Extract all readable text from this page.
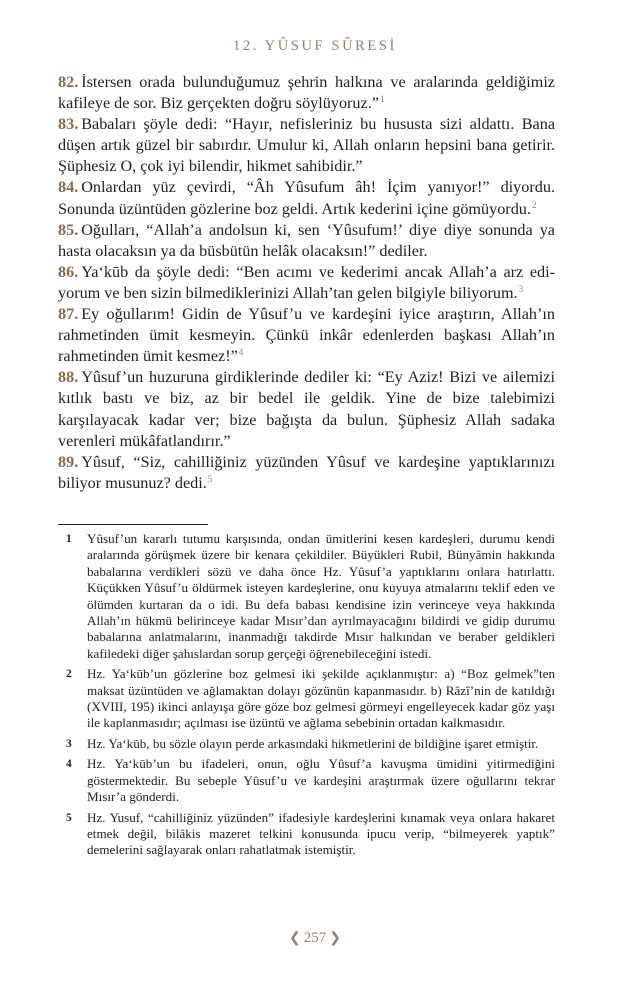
12. YÛSUF SÛRESİ

82. İstersen orada bulunduğumuz şehrin halkına ve aralarında geldiğimiz kafileye de sor. Biz gerçekten doğru söylüyoruz.”$^1$

83. Babaları şöyle dedi: “Hayır, nefisleriniz bu hususta sizi aldattı. Bana düşen artık güzel bir sabırdır. Umulur ki, Allah onların hepsini bana getirir. Şüphesiz O, çok iyi bilendir, hikmet sahibidir.”

84. Onlardan yüz çevirdi, “Âh Yûsufum âh! İçim yanıyor!” diyordu. Sonunda üzüntüden gözlerine boz geldi. Artık kederini içine gömüyordu.$^2$

85. Oğulları, “Allah’a andolsun ki, sen ‘Yûsufum!’ diye diye sonunda ya hasta olacaksın ya da büsbütün helâk olacaksın!” dediler.

86. Ya‘kūb da şöyle dedi: “Ben acımı ve kederimi ancak Allah’a arz ediyorum ve ben sizin bilmediklerinizi Allah’tan gelen bilgiyle biliyorum.$^3$

87. Ey oğullarım! Gidin de Yûsuf’u ve kardeşini iyice araştırın, Allah’ın rahmetinden ümit kesmeyin. Çünkü inkâr edenlerden başkası Allah’ın rahmetinden ümit kesmez!”$^4$

88. Yûsuf’un huzuruna girdiklerinde dediler ki: “Ey Aziz! Bizi ve ailemizi kıtlık bastı ve biz, az bir bedel ile geldik. Yine de bize talebimizi karşılayacak kadar ver; bize bağışta da bulun. Şüphesiz Allah sadaka verenleri mükâfatlandırır.”

89. Yûsuf, “Siz, cahilliğiniz yüzünden Yûsuf ve kardeşine yaptıklarınızı biliyor musunuz? dedi.$^5$

1	Yûsuf’un kararlı tutumu karşısında, ondan ümitlerini kesen kardeşleri, durumu kendi aralarında görüşmek üzere bir kenara çekildiler. Büyükleri Rubil, Bünyâmin hakkında babalarına verdikleri sözü ve daha önce Hz. Yûsuf’a yaptıklarını onlara hatırlattı. Küçükken Yûsuf’u öldürmek isteyen kardeşlerine, onu kuyuya atmalarını teklif eden ve ölümden kurtaran da o idi. Bu defa babası kendisine izin verinceye veya hakkında Allah’ın hükmü belirinceye kadar Mısır’dan ayrılmayacağını bildirdi ve gidip durumu babalarına anlatmalarını, inanmadığı takdirde Mısır halkından ve beraber geldikleri kafiledeki diğer şahıslardan sorup gerçeği öğrenebileceğini istedi.
2	Hz. Ya‘kūb’un gözlerine boz gelmesi iki şekilde açıklanmıştır: a) “Boz gelmek”ten maksat üzüntüden ve ağlamaktan dolayı gözünün kapanmasıdır. b) Râzî’nin de katıldığı (XVIII, 195) ikinci anlayışa göre göze boz gelmesi görmeyi engelleyecek kadar göz yaşı ile kaplanmasıdır; açılması ise üzüntü ve ağlama sebebinin ortadan kalkmasıdır.
3	Hz. Ya‘kūb, bu sözle olayın perde arkasındaki hikmetlerini de bildiğine işaret etmiştir.
4	Hz. Ya‘kūb’un bu ifadeleri, onun, oğlu Yûsuf’a kavuşma ümidini yitirmediğini göstermektedir. Bu sebeple Yûsuf’u ve kardeşini araştırmak üzere oğullarını tekrar Mısır’a gönderdi.
5	Hz. Yusuf, “cahilliğiniz yüzünden” ifadesiyle kardeşlerini kınamak veya onlara hakaret etmek değil, bilâkis mazeret telkini konusunda ipucu verip, “bilmeyerek yaptık” demelerini sağlayarak onları rahatlatmak istemiştir.
❮ 257 ❯
